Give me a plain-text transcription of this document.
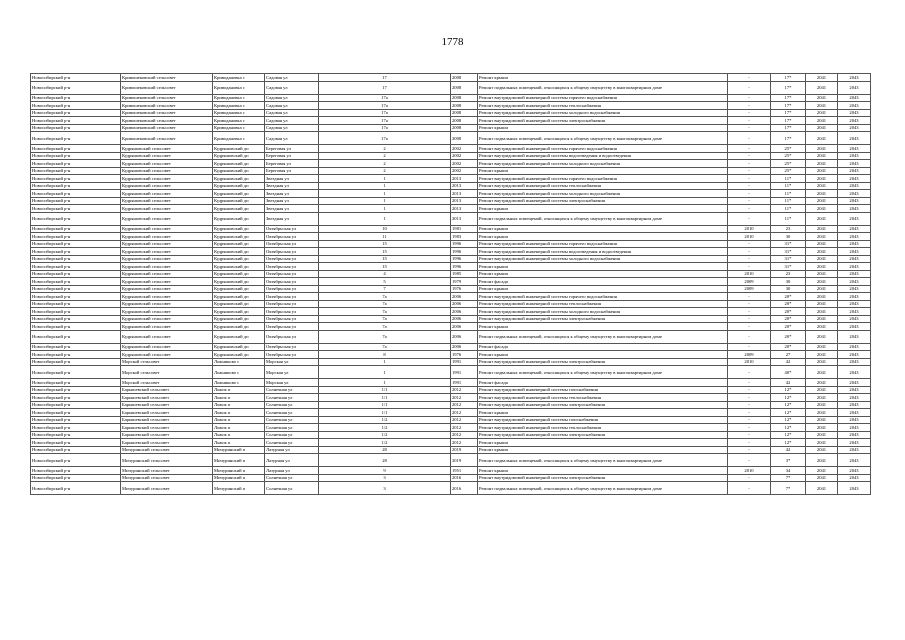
1778
Новосибирский р-н	Кривошековский сельсовет	Криводановка с	Садовая ул	17	2008	Ремонт крыши	-	17*	2041	2043
Новосибирский р-н	Кривошековский сельсовет	Криводановка с	Садовая ул	17	2008	Ремонт подвальных помещений, относящихся к общему имуществу в многоквартирном доме	-	17*	2041	2043
Новосибирский р-н	Кривошековский сельсовет	Криводановка с	Садовая ул	17а	2008	Ремонт внутридомовой инженерной системы горячего водоснабжения	-	17*	2041	2043
Новосибирский р-н	Кривошековский сельсовет	Криводановка с	Садовая ул	17а	2008	Ремонт внутридомовой инженерной системы теплоснабжения	-	17*	2041	2043
Новосибирский р-н	Кривошековский сельсовет	Криводановка с	Садовая ул	17а	2008	Ремонт внутридомовой инженерной системы холодного водоснабжения	-	17*	2041	2043
Новосибирский р-н	Кривошековский сельсовет	Криводановка с	Садовая ул	17а	2008	Ремонт внутридомовой инженерной системы электроснабжения	-	17*	2041	2043
Новосибирский р-н	Кривошековский сельсовет	Криводановка с	Садовая ул	17а	2008	Ремонт крыши	-	17*	2041	2043
Новосибирский р-н	Кривошековский сельсовет	Криводановка с	Садовая ул	17а	2008	Ремонт подвальных помещений, относящихся к общему имуществу в многоквартирном доме	-	17*	2041	2043
Новосибирский р-н	Кудряшовский сельсовет	Кудряшовский дп	Береговая ул	2	2002	Ремонт внутридомовой инженерной системы горячего водоснабжения	-	25*	2041	2043
Новосибирский р-н	Кудряшовский сельсовет	Кудряшовский дп	Береговая ул	2	2002	Ремонт внутридомовой инженерной системы водоотведения и водоотведения	-	25*	2041	2043
Новосибирский р-н	Кудряшовский сельсовет	Кудряшовский дп	Береговая ул	2	2002	Ремонт внутридомовой инженерной системы холодного водоснабжения	-	25*	2041	2043
Новосибирский р-н	Кудряшовский сельсовет	Кудряшовский дп	Береговая ул	2	2002	Ремонт крыши	-	25*	2041	2043
Новосибирский р-н	Кудряшовский сельсовет	Кудряшовский дп	Звездная ул	1	2013	Ремонт внутридомовой инженерной системы горячего водоснабжения	-	11*	2041	2043
Новосибирский р-н	Кудряшовский сельсовет	Кудряшовский дп	Звездная ул	1	2013	Ремонт внутридомовой инженерной системы теплоснабжения	-	11*	2041	2043
Новосибирский р-н	Кудряшовский сельсовет	Кудряшовский дп	Звездная ул	1	2013	Ремонт внутридомовой инженерной системы холодного водоснабжения	-	11*	2041	2043
Новосибирский р-н	Кудряшовский сельсовет	Кудряшовский дп	Звездная ул	1	2013	Ремонт внутридомовой инженерной системы электроснабжения	-	11*	2041	2043
Новосибирский р-н	Кудряшовский сельсовет	Кудряшовский дп	Звездная ул	1	2013	Ремонт крыши	-	11*	2041	2043
Новосибирский р-н	Кудряшовский сельсовет	Кудряшовский дп	Звездная ул	1	2013	Ремонт подвальных помещений, относящихся к общему имуществу в многоквартирном доме	-	11*	2041	2043
Новосибирский р-н	Кудряшовский сельсовет	Кудряшовский дп	Октябрьская ул	10	1981	Ремонт крыши	2010	23	2041	2043
Новосибирский р-н	Кудряшовский сельсовет	Кудряшовский дп	Октябрьская ул	11	1983	Ремонт крыши	2010	30	2041	2043
Новосибирский р-н	Кудряшовский сельсовет	Кудряшовский дп	Октябрьская ул	15	1996	Ремонт внутридомовой инженерной системы горячего водоснабжения	-	31*	2041	2043
Новосибирский р-н	Кудряшовский сельсовет	Кудряшовский дп	Октябрьская ул	15	1996	Ремонт внутридомовой инженерной системы водоотведения и водоотведения	-	31*	2041	2043
Новосибирский р-н	Кудряшовский сельсовет	Кудряшовский дп	Октябрьская ул	15	1996	Ремонт внутридомовой инженерной системы холодного водоснабжения	-	31*	2041	2043
Новосибирский р-н	Кудряшовский сельсовет	Кудряшовский дп	Октябрьская ул	15	1996	Ремонт крыши	-	31*	2041	2043
Новосибирский р-н	Кудряшовский сельсовет	Кудряшовский дп	Октябрьская ул	4	1985	Ремонт крыши	2010	23	2041	2043
Новосибирский р-н	Кудряшовский сельсовет	Кудряшовский дп	Октябрьская ул	5	1979	Ремонт фасада	2009	30	2041	2043
Новосибирский р-н	Кудряшовский сельсовет	Кудряшовский дп	Октябрьская ул	7	1976	Ремонт крыши	2009	30	2041	2043
Новосибирский р-н	Кудряшовский сельсовет	Кудряшовский дп	Октябрьская ул	7а	2006	Ремонт внутридомовой инженерной системы горячего водоснабжения	-	20*	2041	2043
Новосибирский р-н	Кудряшовский сельсовет	Кудряшовский дп	Октябрьская ул	7а	2006	Ремонт внутридомовой инженерной системы теплоснабжения	-	20*	2041	2043
Новосибирский р-н	Кудряшовский сельсовет	Кудряшовский дп	Октябрьская ул	7а	2006	Ремонт внутридомовой инженерной системы холодного водоснабжения	-	20*	2041	2043
Новосибирский р-н	Кудряшовский сельсовет	Кудряшовский дп	Октябрьская ул	7а	2006	Ремонт внутридомовой инженерной системы электроснабжения	-	20*	2041	2043
Новосибирский р-н	Кудряшовский сельсовет	Кудряшовский дп	Октябрьская ул	7а	2006	Ремонт крыши	-	20*	2041	2043
Новосибирский р-н	Кудряшовский сельсовет	Кудряшовский дп	Октябрьская ул	7а	2006	Ремонт подвальных помещений, относящихся к общему имуществу в многоквартирном доме	-	20*	2041	2043
Новосибирский р-н	Кудряшовский сельсовет	Кудряшовский дп	Октябрьская ул	7а	2006	Ремонт фасада	-	20*	2041	2043
Новосибирский р-н	Кудряшовский сельсовет	Кудряшовский дп	Октябрьская ул	8	1976	Ремонт крыши	2009	27	2041	2043
Новосибирский р-н	Морской сельсовет	Ложниково с	Морская ул	1	1991	Ремонт внутридомовой инженерной системы электроснабжения	2010	42	2041	2043
Новосибирский р-н	Морской сельсовет	Ложниково с	Морская ул	1	1991	Ремонт подвальных помещений, относящихся к общему имуществу в многоквартирном доме	-	40*	2041	2043
Новосибирский р-н	Морской сельсовет	Ложниково с	Морская ул	1	1991	Ремонт фасада	-	42	2041	2043
Новосибирский р-н	Барышевский сельсовет	Ложок п	Солнечная ул	1/1	2012	Ремонт внутридомовой инженерной системы газоснабжения	-	12*	2041	2043
Новосибирский р-н	Барышевский сельсовет	Ложок п	Солнечная ул	1/1	2012	Ремонт внутридомовой инженерной системы теплоснабжения	-	12*	2041	2043
Новосибирский р-н	Барышевский сельсовет	Ложок п	Солнечная ул	1/1	2012	Ремонт внутридомовой инженерной системы электроснабжения	-	12*	2041	2043
Новосибирский р-н	Барышевский сельсовет	Ложок п	Солнечная ул	1/1	2012	Ремонт крыши	-	12*	2041	2043
Новосибирский р-н	Барышевский сельсовет	Ложок п	Солнечная ул	1/2	2012	Ремонт внутридомовой инженерной системы газоснабжения	-	12*	2041	2043
Новосибирский р-н	Барышевский сельсовет	Ложок п	Солнечная ул	1/2	2012	Ремонт внутридомовой инженерной системы теплоснабжения	-	12*	2041	2043
Новосибирский р-н	Барышевский сельсовет	Ложок п	Солнечная ул	1/2	2012	Ремонт внутридомовой инженерной системы электроснабжения	-	12*	2041	2043
Новосибирский р-н	Барышевский сельсовет	Ложок п	Солнечная ул	1/2	2012	Ремонт крыши	-	12*	2041	2043
Новосибирский р-н	Мичуринский сельсовет	Мичуринский п	Лазурная ул	28	2019	Ремонт крыши	-	42	2041	2043
Новосибирский р-н	Мичуринский сельсовет	Мичуринский п	Лазурная ул	28	2019	Ремонт подвальных помещений, относящихся к общему имуществу в многоквартирном доме	-	3*	2041	2043
Новосибирский р-н	Мичуринский сельсовет	Мичуринский п	Лазурная ул	9	1951	Ремонт крыши	2010	34	2041	2043
Новосибирский р-н	Мичуринский сельсовет	Мичуринский п	Солнечная ул	3	2016	Ремонт внутридомовой инженерной системы электроснабжения	-	7*	2041	2043
Новосибирский р-н	Мичуринский сельсовет	Мичуринский п	Солнечная ул	3	2016	Ремонт подвальных помещений, относящихся к общему имуществу в многоквартирном доме	-	7*	2041	2043
